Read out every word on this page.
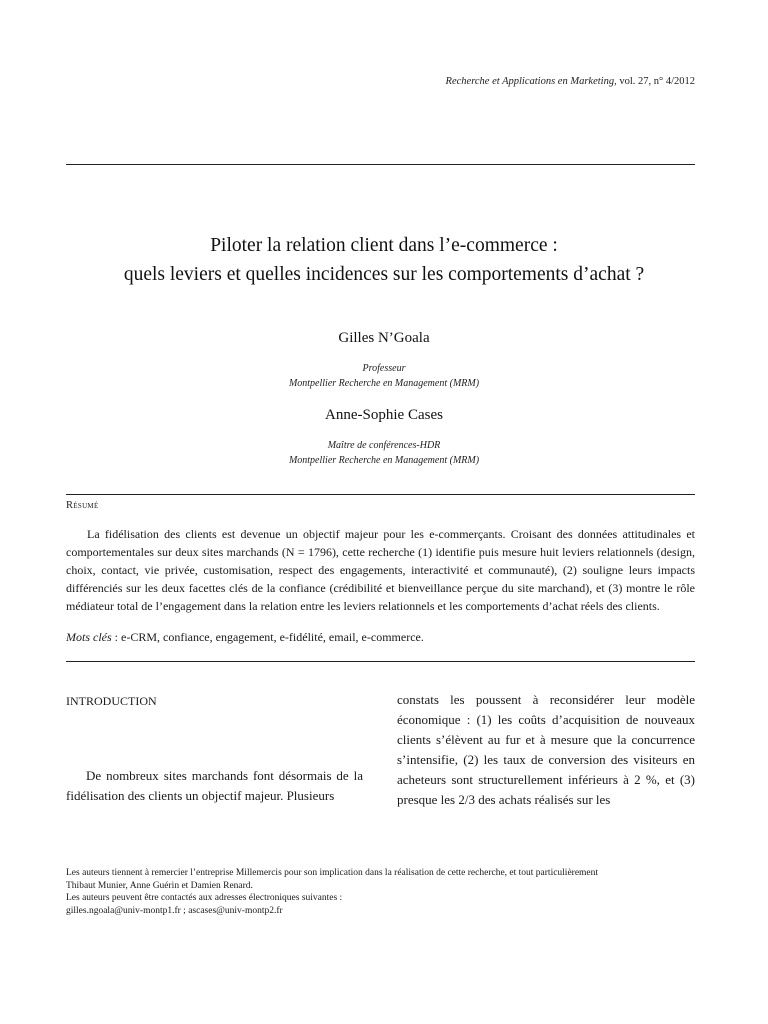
Recherche et Applications en Marketing, vol. 27, n° 4/2012
Piloter la relation client dans l’e-commerce :
quels leviers et quelles incidences sur les comportements d’achat ?
Gilles N’Goala
Professeur
Montpellier Recherche en Management (MRM)
Anne-Sophie Cases
Maître de conférences-HDR
Montpellier Recherche en Management (MRM)
Résumé
La fidélisation des clients est devenue un objectif majeur pour les e-commerçants. Croisant des données attitudinales et comportementales sur deux sites marchands (N = 1796), cette recherche (1) identifie puis mesure huit leviers relationnels (design, choix, contact, vie privée, customisation, respect des engagements, interactivité et communauté), (2) souligne leurs impacts différenciés sur les deux facettes clés de la confiance (crédibilité et bienveillance perçue du site marchand), et (3) montre le rôle médiateur total de l’engagement dans la relation entre les leviers relationnels et les comportements d’achat réels des clients.
Mots clés : e-CRM, confiance, engagement, e-fidélité, email, e-commerce.
INTRODUCTION
De nombreux sites marchands font désormais de la fidélisation des clients un objectif majeur. Plusieurs
constats les poussent à reconsidérer leur modèle économique : (1) les coûts d’acquisition de nouveaux clients s’élèvent au fur et à mesure que la concurrence s’intensifie, (2) les taux de conversion des visiteurs en acheteurs sont structurellement inférieurs à 2 %, et (3) presque les 2/3 des achats réalisés sur les
Les auteurs tiennent à remercier l’entreprise Millemercis pour son implication dans la réalisation de cette recherche, et tout particulièrement
Thibaut Munier, Anne Guérin et Damien Renard.
Les auteurs peuvent être contactés aux adresses électroniques suivantes :
gilles.ngoala@univ-montp1.fr ; ascases@univ-montp2.fr
